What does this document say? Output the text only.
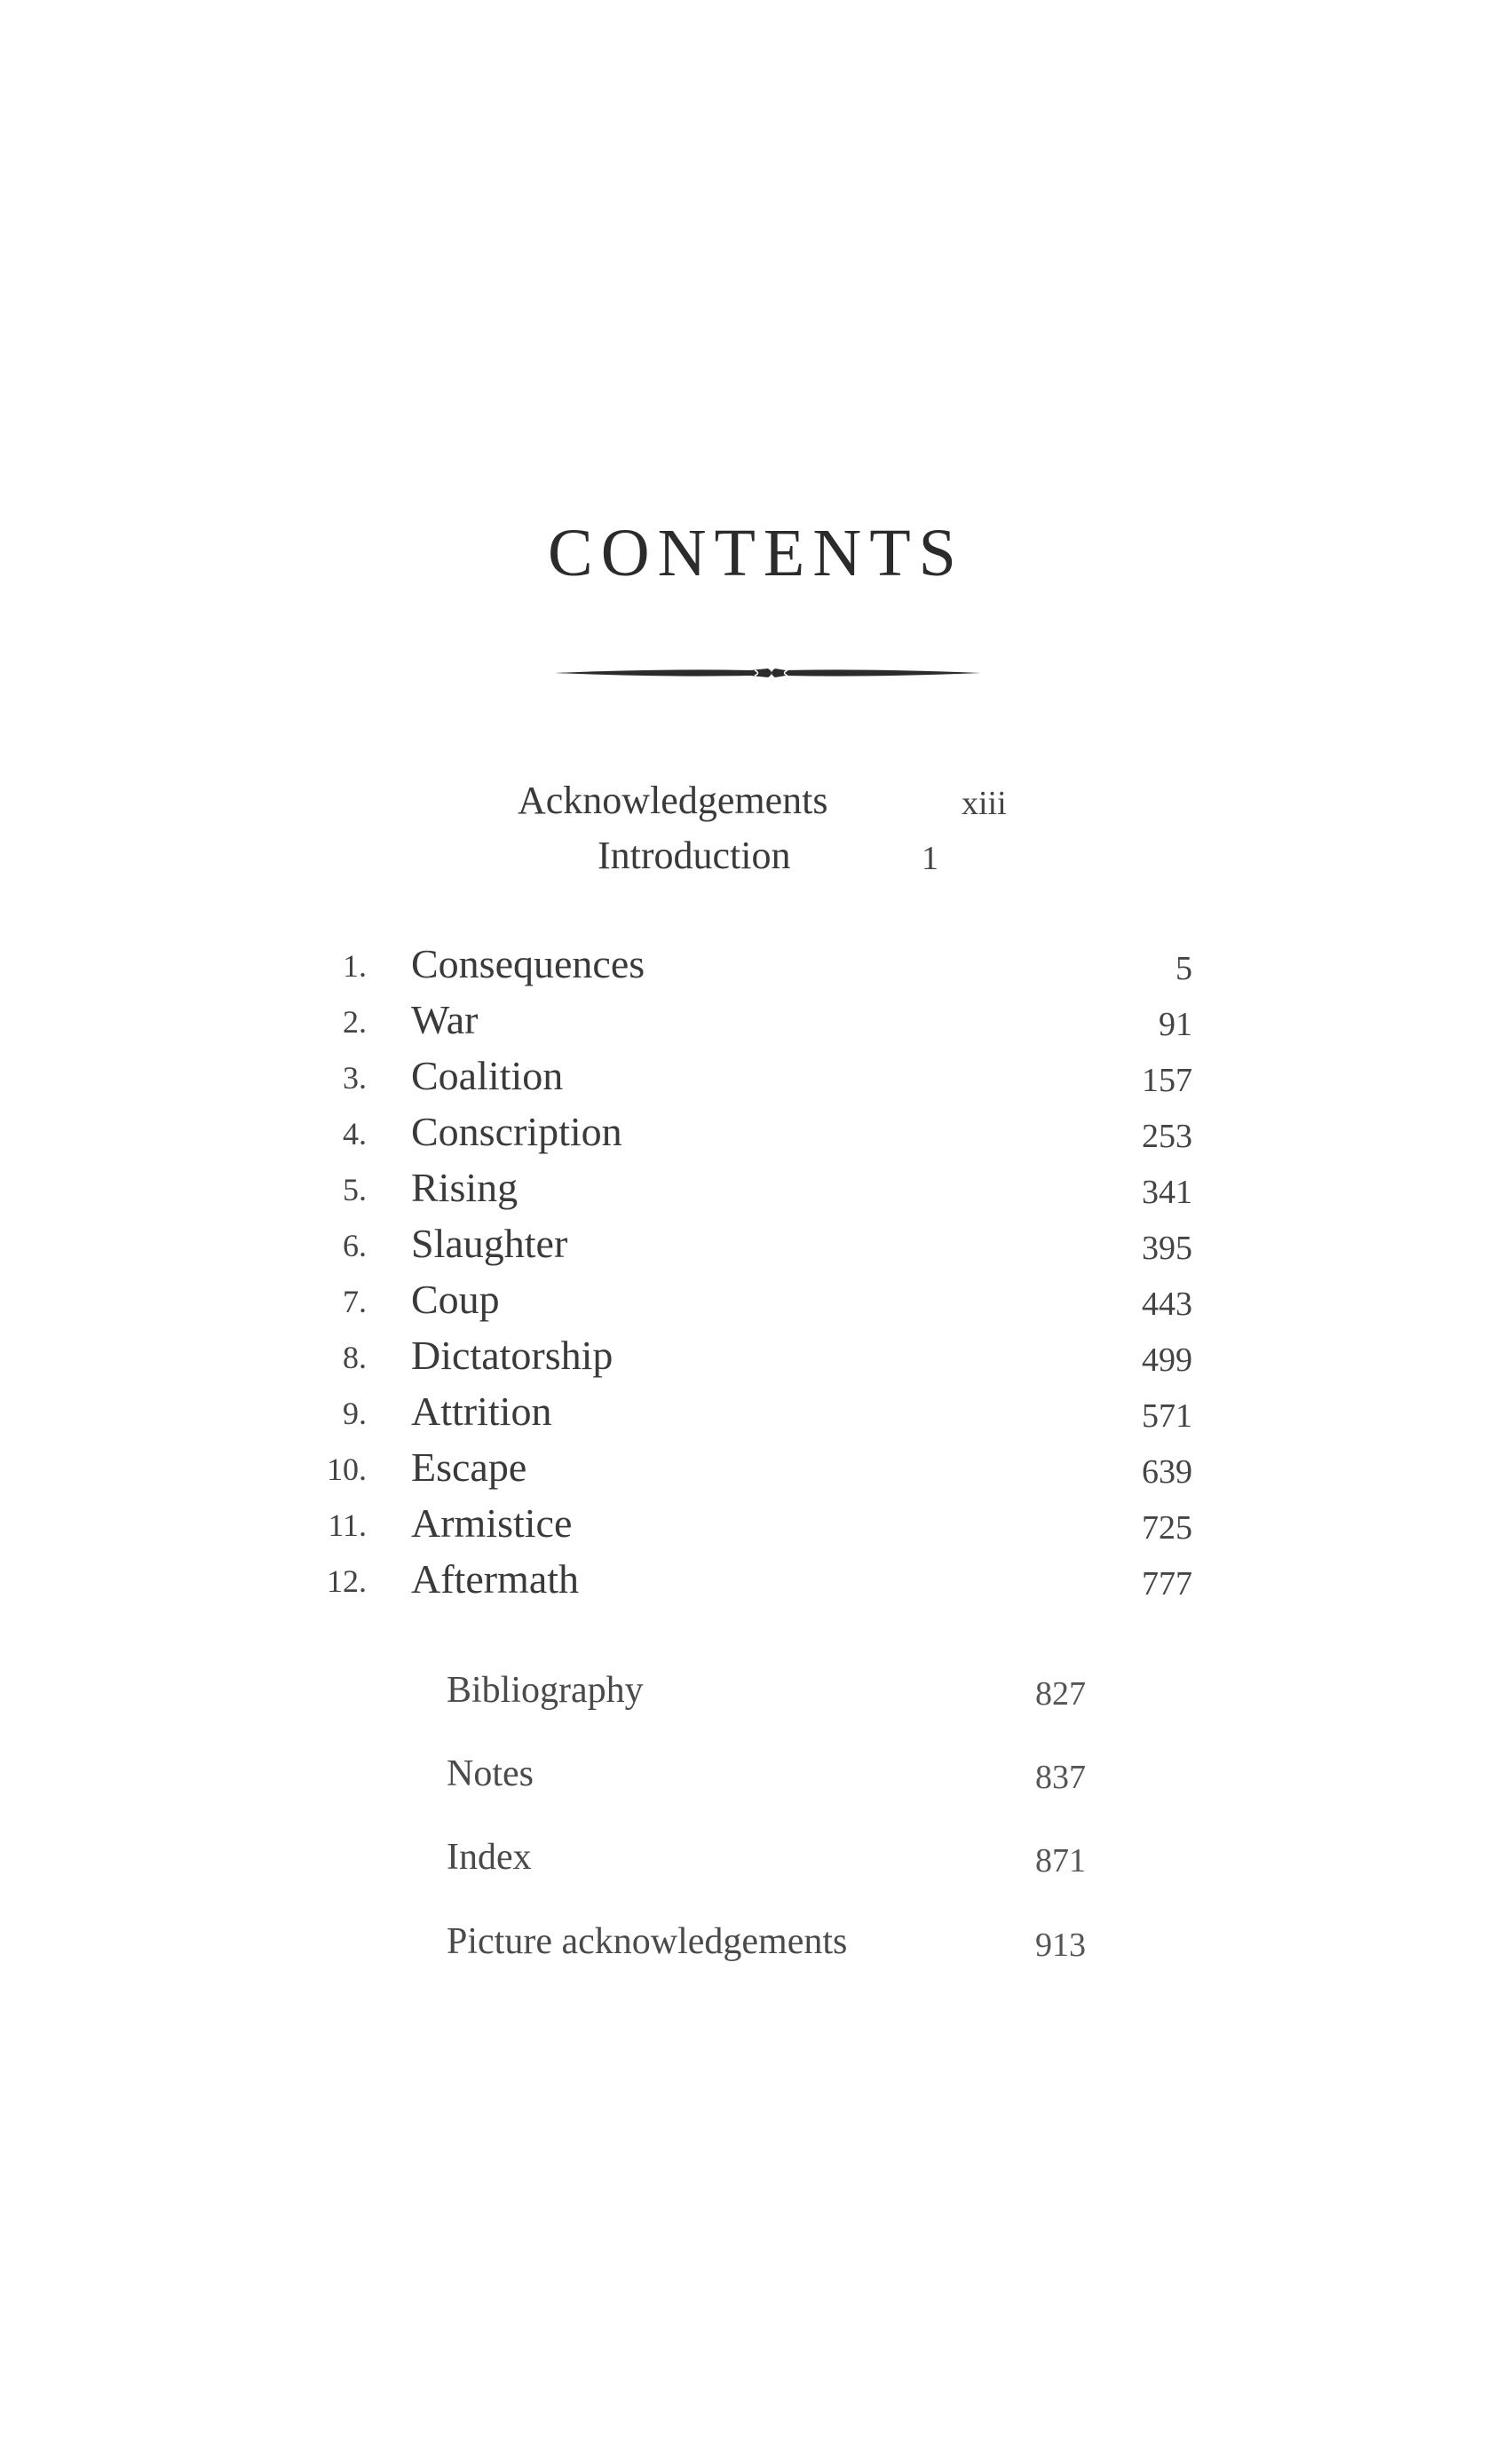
CONTENTS
Acknowledgements	xiii
Introduction	1
1. Consequences	5
2. War	91
3. Coalition	157
4. Conscription	253
5. Rising	341
6. Slaughter	395
7. Coup	443
8. Dictatorship	499
9. Attrition	571
10. Escape	639
11. Armistice	725
12. Aftermath	777
Bibliography	827
Notes	837
Index	871
Picture acknowledgements	913
